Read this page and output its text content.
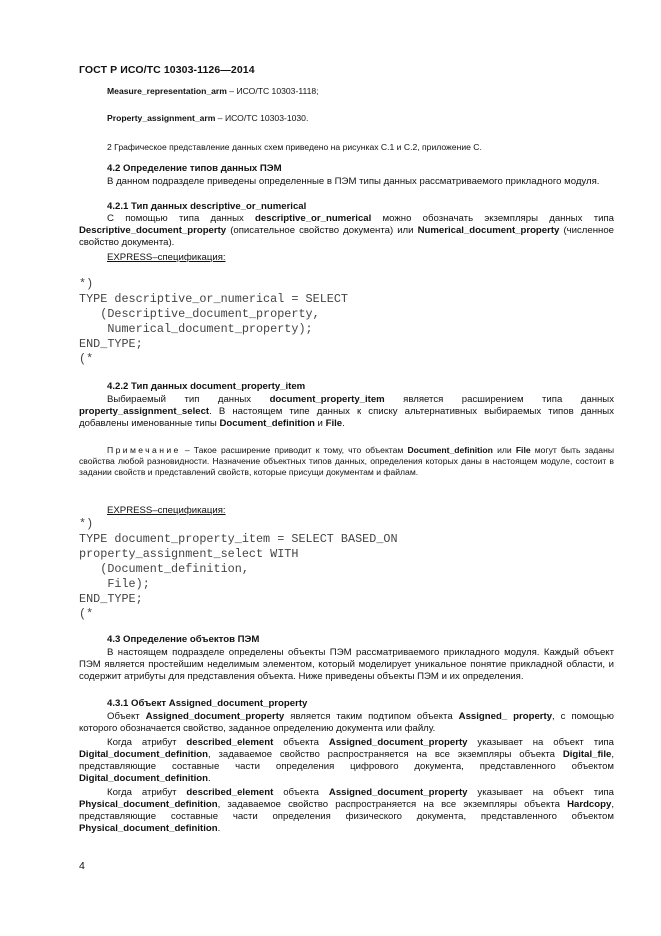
ГОСТ Р ИСО/ТС 10303-1126—2014
Measure_representation_arm – ИСО/ТС 10303-1118;
Property_assignment_arm – ИСО/ТС 10303-1030.
2 Графическое представление данных схем приведено на рисунках С.1 и С.2, приложение С.
4.2 Определение типов данных ПЭМ
В данном подразделе приведены определенные в ПЭМ типы данных рассматриваемого прикладного модуля.
4.2.1 Тип данных descriptive_or_numerical
С помощью типа данных descriptive_or_numerical можно обозначать экземпляры данных типа Descriptive_document_property (описательное свойство документа) или Numerical_document_property (численное свойство документа).
EXPRESS–спецификация:
*)
TYPE descriptive_or_numerical = SELECT
(Descriptive_document_property,
Numerical_document_property);
END_TYPE;
(*
4.2.2 Тип данных document_property_item
Выбираемый тип данных document_property_item является расширением типа данных property_assignment_select. В настоящем типе данных к списку альтернативных выбираемых типов данных добавлены именованные типы Document_definition и File.
Примечание – Такое расширение приводит к тому, что объектам Document_definition или File могут быть заданы свойства любой разновидности. Назначение объектных типов данных, определения которых даны в настоящем модуле, состоит в задании свойств и представлений свойств, которые присущи документам и файлам.
EXPRESS–спецификация:
*)
TYPE document_property_item = SELECT BASED_ON
property_assignment_select WITH
(Document_definition,
File);
END_TYPE;
(*
4.3 Определение объектов ПЭМ
В настоящем подразделе определены объекты ПЭМ рассматриваемого прикладного модуля. Каждый объект ПЭМ является простейшим неделимым элементом, который моделирует уникальное понятие прикладной области, и содержит атрибуты для представления объекта. Ниже приведены объекты ПЭМ и их определения.
4.3.1 Объект Assigned_document_property
Объект Assigned_document_property является таким подтипом объекта Assigned_ property, с помощью которого обозначается свойство, заданное определению документа или файлу.
Когда атрибут described_element объекта Assigned_document_property указывает на объект типа Digital_document_definition, задаваемое свойство распространяется на все экземпляры объекта Digital_file, представляющие составные части определения цифрового документа, представленного объектом Digital_document_definition.
Когда атрибут described_element объекта Assigned_document_property указывает на объект типа Physical_document_definition, задаваемое свойство распространяется на все экземпляры объекта Hardcopy, представляющие составные части определения физического документа, представленного объектом Physical_document_definition.
4
